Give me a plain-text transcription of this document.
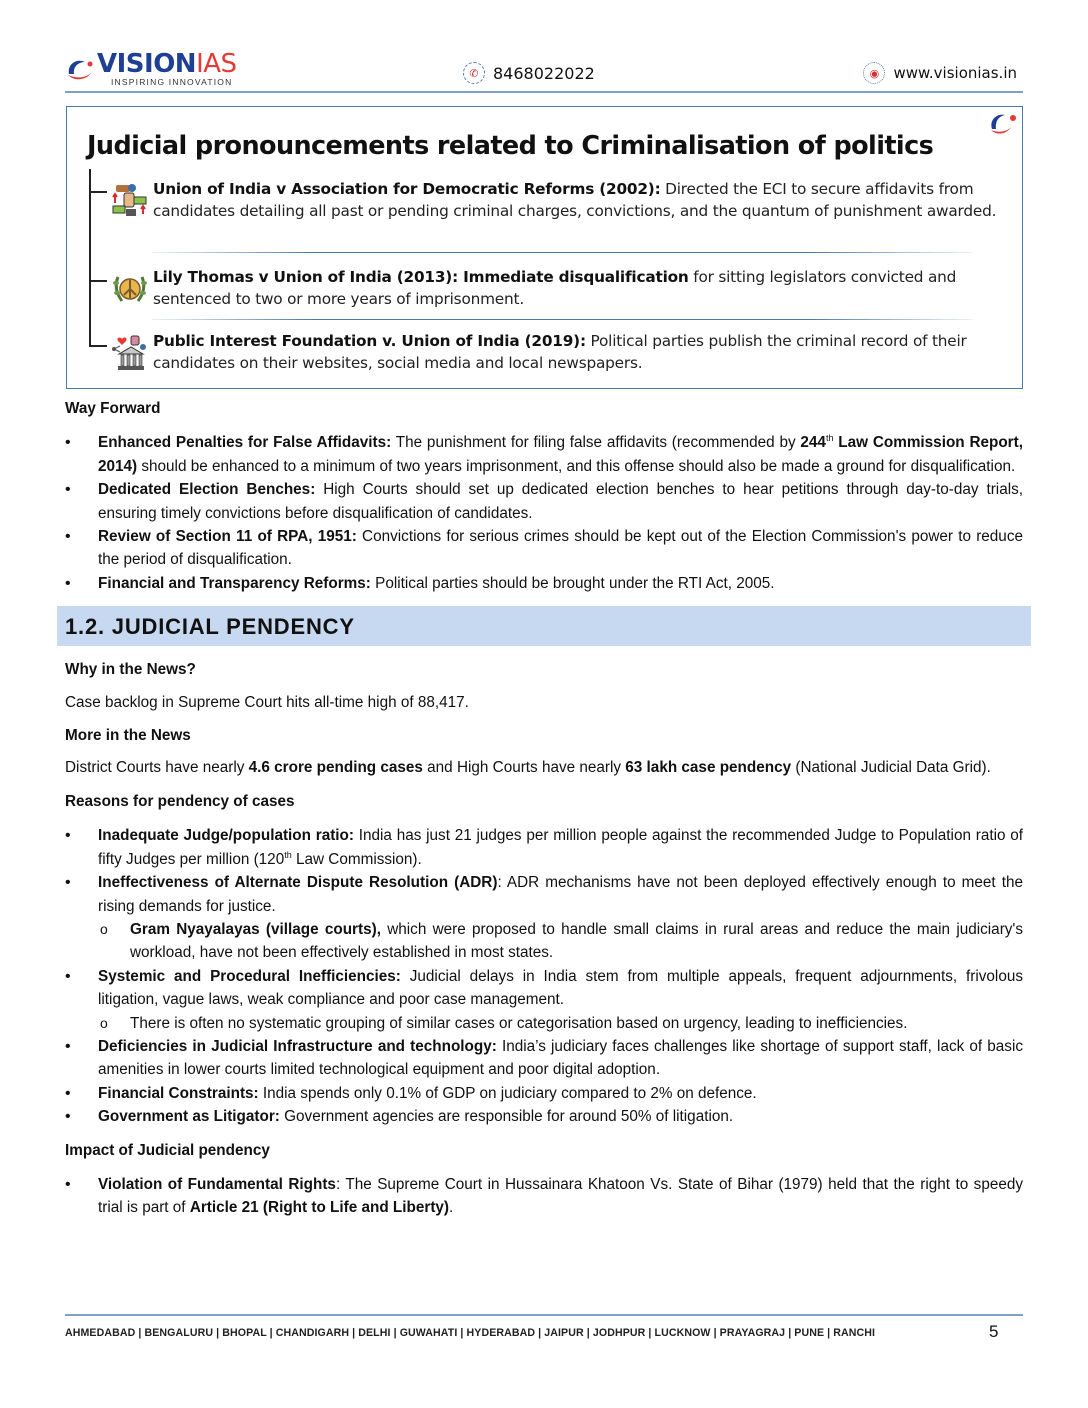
VISIONIAS
INSPIRING INNOVATION
✆ 8468022022	◉ www.visionias.in
Judicial pronouncements related to Criminalisation of politics
Union of India v Association for Democratic Reforms (2002): Directed the ECI to secure affidavits from candidates detailing all past or pending criminal charges, convictions, and the quantum of punishment awarded.
Lily Thomas v Union of India (2013): Immediate disqualification for sitting legislators convicted and sentenced to two or more years of imprisonment.
Public Interest Foundation v. Union of India (2019): Political parties publish the criminal record of their candidates on their websites, social media and local newspapers.
Way Forward
• Enhanced Penalties for False Affidavits: The punishment for filing false affidavits (recommended by 244th Law Commission Report, 2014) should be enhanced to a minimum of two years imprisonment, and this offense should also be made a ground for disqualification.
• Dedicated Election Benches: High Courts should set up dedicated election benches to hear petitions through day-to-day trials, ensuring timely convictions before disqualification of candidates.
• Review of Section 11 of RPA, 1951: Convictions for serious crimes should be kept out of the Election Commission's power to reduce the period of disqualification.
• Financial and Transparency Reforms: Political parties should be brought under the RTI Act, 2005.
1.2. JUDICIAL PENDENCY
Why in the News?
Case backlog in Supreme Court hits all-time high of 88,417.
More in the News
District Courts have nearly 4.6 crore pending cases and High Courts have nearly 63 lakh case pendency (National Judicial Data Grid).
Reasons for pendency of cases
• Inadequate Judge/population ratio: India has just 21 judges per million people against the recommended Judge to Population ratio of fifty Judges per million (120th Law Commission).
• Ineffectiveness of Alternate Dispute Resolution (ADR): ADR mechanisms have not been deployed effectively enough to meet the rising demands for justice.
o Gram Nyayalayas (village courts), which were proposed to handle small claims in rural areas and reduce the main judiciary's workload, have not been effectively established in most states.
• Systemic and Procedural Inefficiencies: Judicial delays in India stem from multiple appeals, frequent adjournments, frivolous litigation, vague laws, weak compliance and poor case management.
o There is often no systematic grouping of similar cases or categorisation based on urgency, leading to inefficiencies.
• Deficiencies in Judicial Infrastructure and technology: India’s judiciary faces challenges like shortage of support staff, lack of basic amenities in lower courts limited technological equipment and poor digital adoption.
• Financial Constraints: India spends only 0.1% of GDP on judiciary compared to 2% on defence.
• Government as Litigator: Government agencies are responsible for around 50% of litigation.
Impact of Judicial pendency
• Violation of Fundamental Rights: The Supreme Court in Hussainara Khatoon Vs. State of Bihar (1979) held that the right to speedy trial is part of Article 21 (Right to Life and Liberty).
AHMEDABAD | BENGALURU | BHOPAL | CHANDIGARH | DELHI | GUWAHATI | HYDERABAD | JAIPUR | JODHPUR | LUCKNOW | PRAYAGRAJ | PUNE | RANCHI	5
